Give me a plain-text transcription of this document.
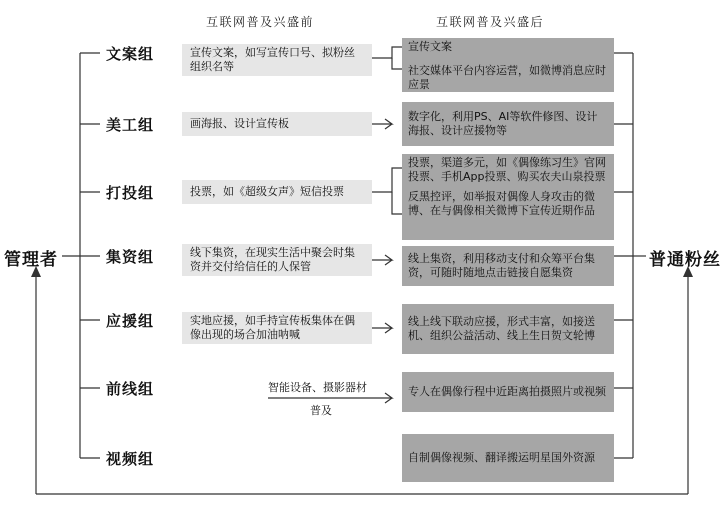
互联网普及兴盛前	互联网普及兴盛后
管理者	普通粉丝
文案组
美工组
打投组
集资组
应援组
前线组
视频组
宣传文案，如写宣传口号、拟粉丝组织名等
画海报、设计宣传板
投票，如《超级女声》短信投票
线下集资，在现实生活中聚会时集资并交付给信任的人保管
实地应援，如手持宣传板集体在偶像出现的场合加油呐喊
智能设备、摄影器材
普及

宣传文案

社交媒体平台内容运营，如微博消息应时应景

数字化，利用PS、AI等软件修图、设计海报、设计应援物等

投票，渠道多元，如《偶像练习生》官网投票、手机App投票、购买农夫山泉投票

反黑控评，如举报对偶像人身攻击的微博、在与偶像相关微博下宣传近期作品

线上集资，利用移动支付和众筹平台集资，可随时随地点击链接自愿集资
线上线下联动应援，形式丰富，如接送机、组织公益活动、线上生日贺文轮博
专人在偶像行程中近距离拍摄照片或视频
自制偶像视频、翻译搬运明星国外资源
